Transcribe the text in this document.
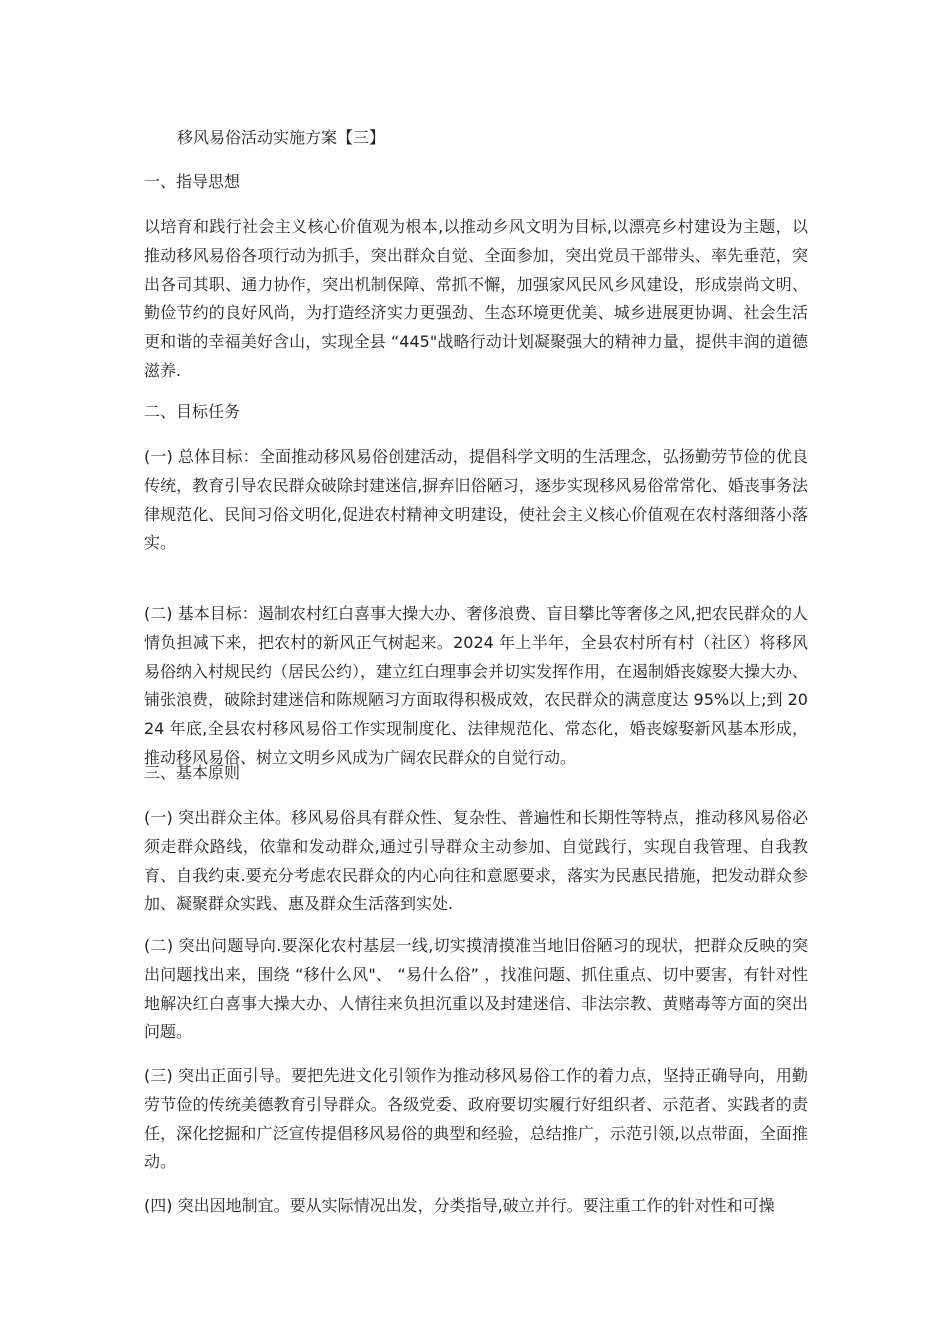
移风易俗活动实施方案【三】
一、指导思想

以培育和践行社会主义核心价值观为根本,以推动乡风文明为目标,以漂亮乡村建设为主题，以推动移风易俗各项行动为抓手，突出群众自觉、全面参加，突出党员干部带头、率先垂范，突出各司其职、通力协作，突出机制保障、常抓不懈，加强家风民风乡风建设，形成崇尚文明、勤俭节约的良好风尚，为打造经济实力更强劲、生态环境更优美、城乡进展更协调、社会生活更和谐的幸福美好含山，实现全县 “445"战略行动计划凝聚强大的精神力量，提供丰润的道德滋养.

二、目标任务

(一) 总体目标：全面推动移风易俗创建活动，提倡科学文明的生活理念，弘扬勤劳节俭的优良传统，教育引导农民群众破除封建迷信,摒弃旧俗陋习，逐步实现移风易俗常常化、婚丧事务法律规范化、民间习俗文明化,促进农村精神文明建设，使社会主义核心价值观在农村落细落小落实。

(二) 基本目标：遏制农村红白喜事大操大办、奢侈浪费、盲目攀比等奢侈之风,把农民群众的人情负担减下来，把农村的新风正气树起来。2024 年上半年，全县农村所有村（社区）将移风易俗纳入村规民约（居民公约），建立红白理事会并切实发挥作用，在遏制婚丧嫁娶大操大办、铺张浪费，破除封建迷信和陈规陋习方面取得积极成效，农民群众的满意度达 95%以上;到 2024 年底,全县农村移风易俗工作实现制度化、法律规范化、常态化，婚丧嫁娶新风基本形成，推动移风易俗、树立文明乡风成为广阔农民群众的自觉行动。

三、基本原则

(一) 突出群众主体。移风易俗具有群众性、复杂性、普遍性和长期性等特点，推动移风易俗必须走群众路线，依靠和发动群众,通过引导群众主动参加、自觉践行，实现自我管理、自我教育、自我约束.要充分考虑农民群众的内心向往和意愿要求，落实为民惠民措施，把发动群众参加、凝聚群众实践、惠及群众生活落到实处.

(二) 突出问题导向.要深化农村基层一线,切实摸清摸准当地旧俗陋习的现状，把群众反映的突出问题找出来，围绕 “移什么风"、 “易什么俗” ，找准问题、抓住重点、切中要害，有针对性地解决红白喜事大操大办、人情往来负担沉重以及封建迷信、非法宗教、黄赌毒等方面的突出问题。

(三) 突出正面引导。要把先进文化引领作为推动移风易俗工作的着力点，坚持正确导向，用勤劳节俭的传统美德教育引导群众。各级党委、政府要切实履行好组织者、示范者、实践者的责任，深化挖掘和广泛宣传提倡移风易俗的典型和经验，总结推广，示范引领,以点带面，全面推动。

(四) 突出因地制宜。要从实际情况出发，分类指导,破立并行。要注重工作的针对性和可操
